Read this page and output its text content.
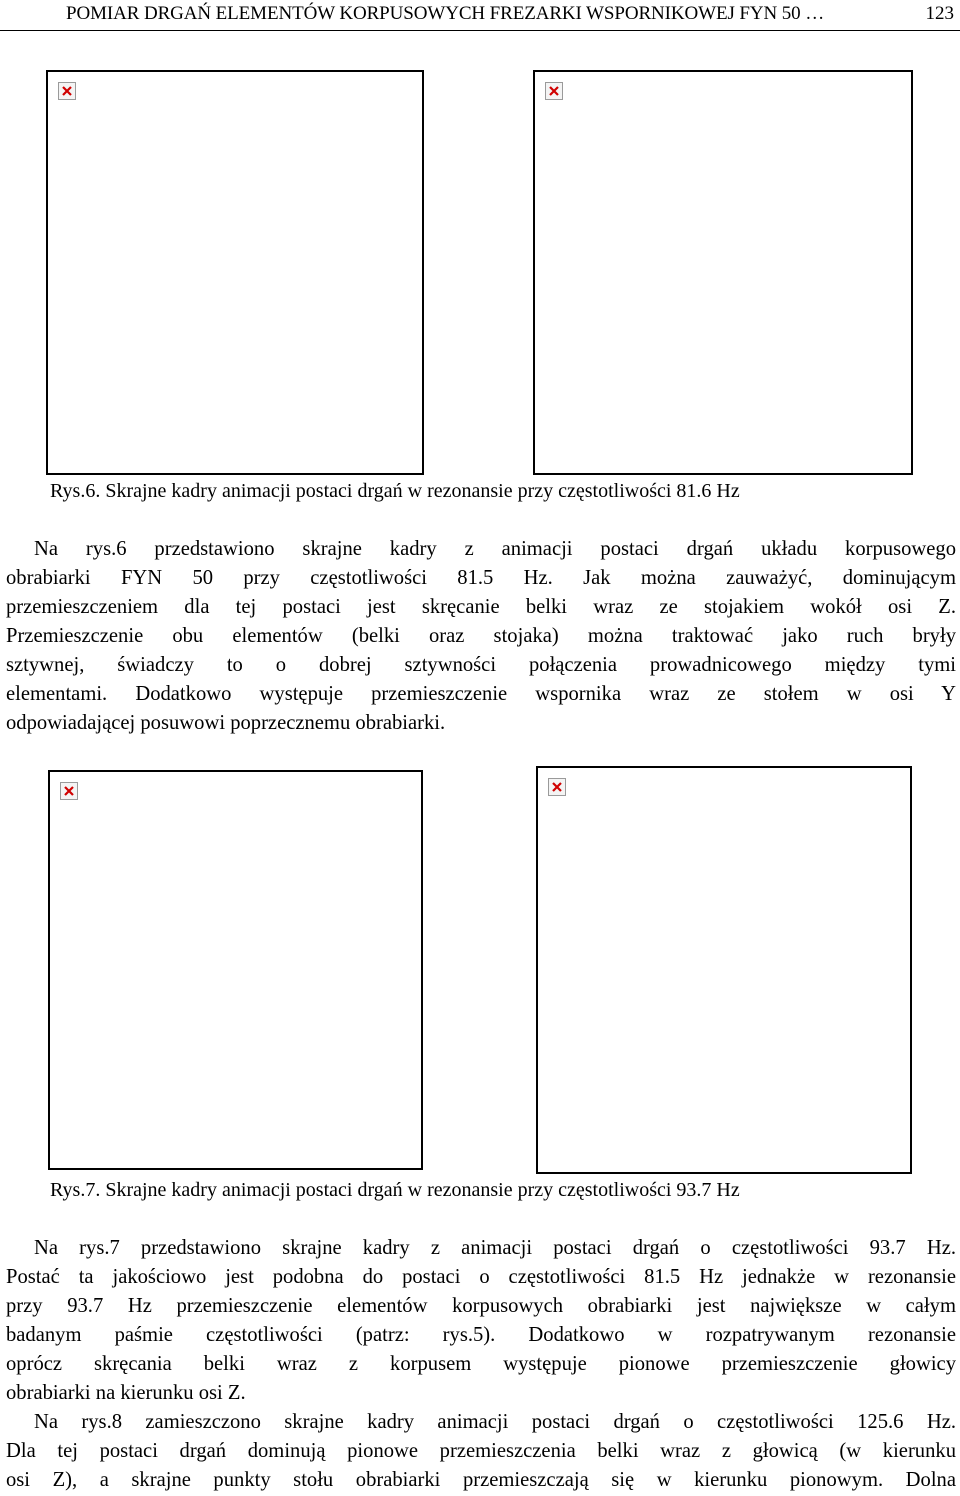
POMIAR DRGAŃ ELEMENTÓW KORPUSOWYCH FREZARKI WSPORNIKOWEJ FYN 50 …	123
Rys.6. Skrajne kadry animacji postaci drgań w rezonansie przy częstotliwości 81.6 Hz

Na rys.6 przedstawiono skrajne kadry z animacji postaci drgań układu korpusowego

obrabiarki FYN 50 przy częstotliwości 81.5 Hz. Jak można zauważyć, dominującym

przemieszczeniem dla tej postaci jest skręcanie belki wraz ze stojakiem wokół osi Z.

Przemieszczenie obu elementów (belki oraz stojaka) można traktować jako ruch bryły

sztywnej, świadczy to o dobrej sztywności połączenia prowadnicowego między tymi

elementami. Dodatkowo występuje przemieszczenie wspornika wraz ze stołem w osi Y

odpowiadającej posuwowi poprzecznemu obrabiarki.

Rys.7. Skrajne kadry animacji postaci drgań w rezonansie przy częstotliwości 93.7 Hz

Na rys.7 przedstawiono skrajne kadry z animacji postaci drgań o częstotliwości 93.7 Hz.

Postać ta jakościowo jest podobna do postaci o częstotliwości 81.5 Hz jednakże w rezonansie

przy 93.7 Hz przemieszczenie elementów korpusowych obrabiarki jest największe w całym

badanym paśmie częstotliwości (patrz: rys.5). Dodatkowo w rozpatrywanym rezonansie

oprócz skręcania belki wraz z korpusem występuje pionowe przemieszczenie głowicy

obrabiarki na kierunku osi Z.

Na rys.8 zamieszczono skrajne kadry animacji postaci drgań o częstotliwości 125.6 Hz.

Dla tej postaci drgań dominują pionowe przemieszczenia belki wraz z głowicą (w kierunku

osi Z), a skrajne punkty stołu obrabiarki przemieszczają się w kierunku pionowym. Dolna
